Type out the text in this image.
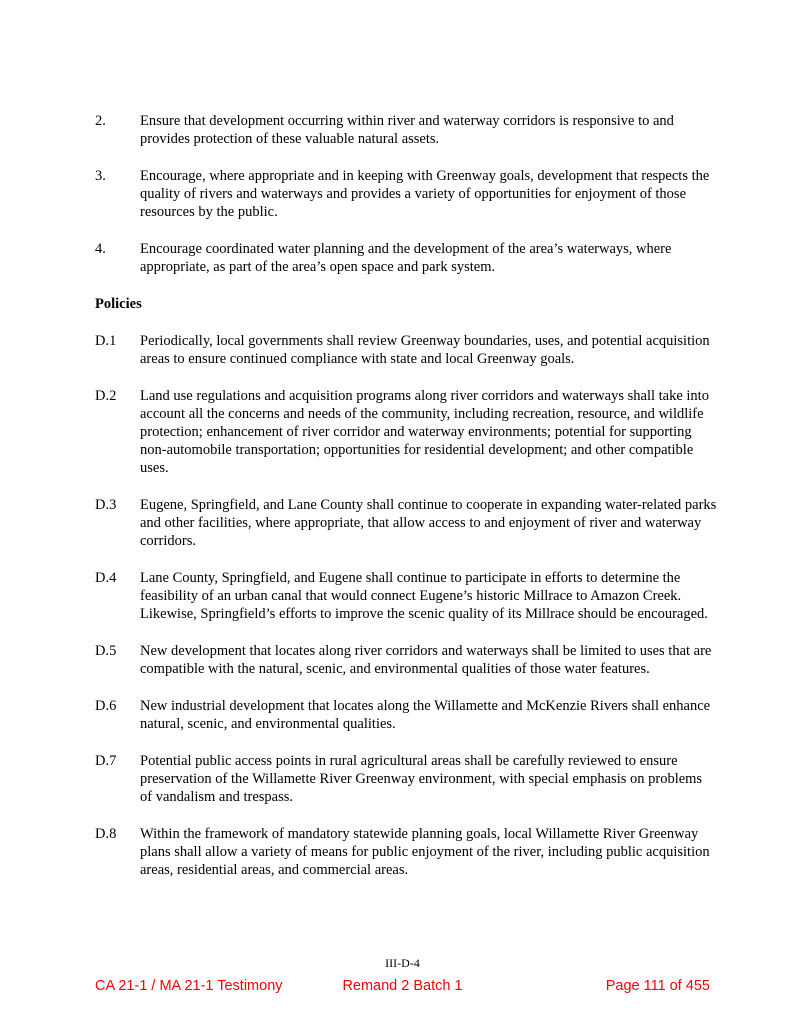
2.	Ensure that development occurring within river and waterway corridors is responsive to and provides protection of these valuable natural assets.
3.	Encourage, where appropriate and in keeping with Greenway goals, development that respects the quality of rivers and waterways and provides a variety of opportunities for enjoyment of those resources by the public.
4.	Encourage coordinated water planning and the development of the area’s waterways, where appropriate, as part of the area’s open space and park system.
Policies
D.1	Periodically, local governments shall review Greenway boundaries, uses, and potential acquisition areas to ensure continued compliance with state and local Greenway goals.
D.2	Land use regulations and acquisition programs along river corridors and waterways shall take into account all the concerns and needs of the community, including recreation, resource, and wildlife protection; enhancement of river corridor and waterway environments; potential for supporting non-automobile transportation; opportunities for residential development; and other compatible uses.
D.3	Eugene, Springfield, and Lane County shall continue to cooperate in expanding water-related parks and other facilities, where appropriate, that allow access to and enjoyment of river and waterway corridors.
D.4	Lane County, Springfield, and Eugene shall continue to participate in efforts to determine the feasibility of an urban canal that would connect Eugene’s historic Millrace to Amazon Creek.  Likewise, Springfield’s efforts to improve the scenic quality of its Millrace should be encouraged.
D.5	New development that locates along river corridors and waterways shall be limited to uses that are compatible with the natural, scenic, and environmental qualities of those water features.
D.6	New industrial development that locates along the Willamette and McKenzie Rivers shall enhance natural, scenic, and environmental qualities.
D.7	Potential public access points in rural agricultural areas shall be carefully reviewed to ensure preservation of the Willamette River Greenway environment, with special emphasis on problems of vandalism and trespass.
D.8	Within the framework of mandatory statewide planning goals, local Willamette River Greenway plans shall allow a variety of means for public enjoyment of the river, including public acquisition areas, residential areas, and commercial areas.
III-D-4
CA 21-1 / MA 21-1 Testimony	Remand 2 Batch 1	Page 111 of 455
